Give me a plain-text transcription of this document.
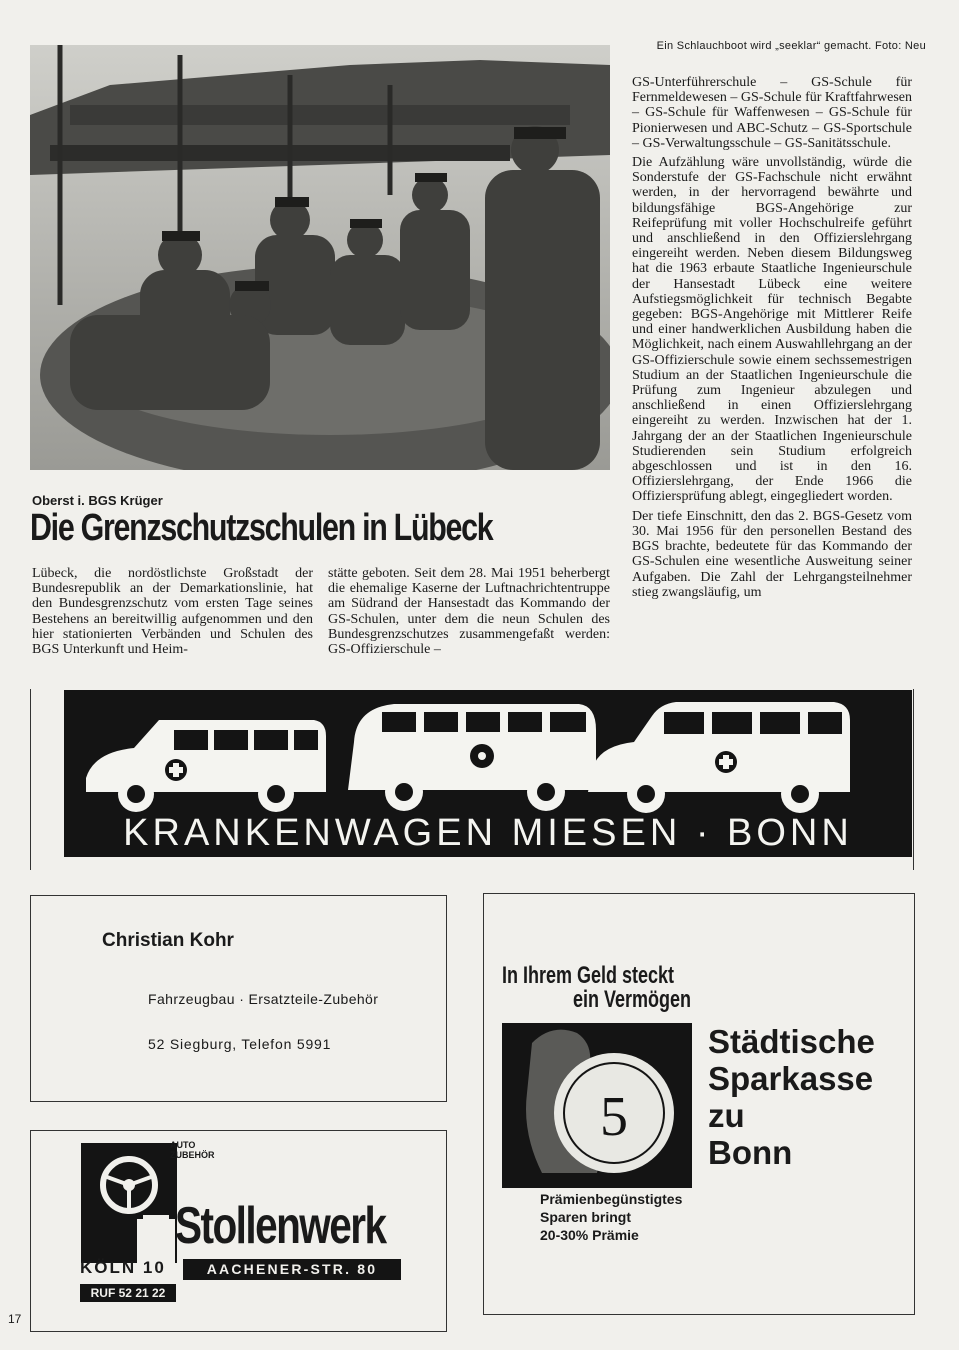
Ein Schlauchboot wird „seeklar“ gemacht. Foto: Neu

GS-Unterführerschule – GS-Schule für Fernmeldewesen – GS-Schule für Kraftfahrwesen – GS-Schule für Waffenwesen – GS-Schule für Pionierwesen und ABC-Schutz – GS-Sportschule – GS-Verwaltungsschule – GS-Sanitätsschule.

Die Aufzählung wäre unvollständig, würde die Sonderstufe der GS-Fachschule nicht erwähnt werden, in der hervorragend bewährte und bildungsfähige BGS-Angehörige zur Reifeprüfung mit voller Hochschulreife geführt und anschließend in den Offizierslehrgang eingereiht werden. Neben diesem Bildungsweg hat die 1963 erbaute Staatliche Ingenieurschule der Hansestadt Lübeck eine weitere Aufstiegsmöglichkeit für technisch Begabte gegeben: BGS-Angehörige mit Mittlerer Reife und einer handwerklichen Ausbildung haben die Möglichkeit, nach einem Auswahllehrgang an der GS-Offizierschule sowie einem sechssemestrigen Studium an der Staatlichen Ingenieurschule die Prüfung zum Ingenieur abzulegen und anschließend in einen Offizierslehrgang eingereiht zu werden. Inzwischen hat der 1. Jahrgang der an der Staatlichen Ingenieurschule Studierenden sein Studium erfolgreich abgeschlossen und ist in den 16. Offizierslehrgang, der Ende 1966 die Offiziersprüfung ablegt, eingegliedert worden.

Der tiefe Einschnitt, den das 2. BGS-Gesetz vom 30. Mai 1956 für den personellen Bestand des BGS brachte, bedeutete für das Kommando der GS-Schulen eine wesentliche Ausweitung seiner Aufgaben. Die Zahl der Lehrgangsteilnehmer stieg zwangsläufig, um

Oberst i. BGS Krüger
Die Grenzschutzschulen in Lübeck
Lübeck, die nordöstlichste Großstadt der Bundesrepublik an der Demarkationslinie, hat den Bundesgrenzschutz vom ersten Tage seines Bestehens an bereitwillig aufgenommen und den hier stationierten Verbänden und Schulen des BGS Unterkunft und Heim-
stätte geboten. Seit dem 28. Mai 1951 beherbergt die ehemalige Kaserne der Luftnachrichtentruppe am Südrand der Hansestadt das Kommando der GS-Schulen, unter dem die neun Schulen des Bundesgrenzschutzes zusammengefaßt werden: GS-Offizierschule –
KRANKENWAGEN MIESEN · BONN
Christian Kohr
Fahrzeugbau · Ersatzteile-Zubehör
52 Siegburg, Telefon 5991
AUTO ZUBEHÖR
Stollenwerk
KÖLN 10	AACHENER-STR. 80
RUF 52 21 22
In Ihrem Geld steckt
ein Vermögen
5
Städtische
Sparkasse
zu
Bonn
Prämienbegünstigtes
Sparen bringt
20-30% Prämie
17
